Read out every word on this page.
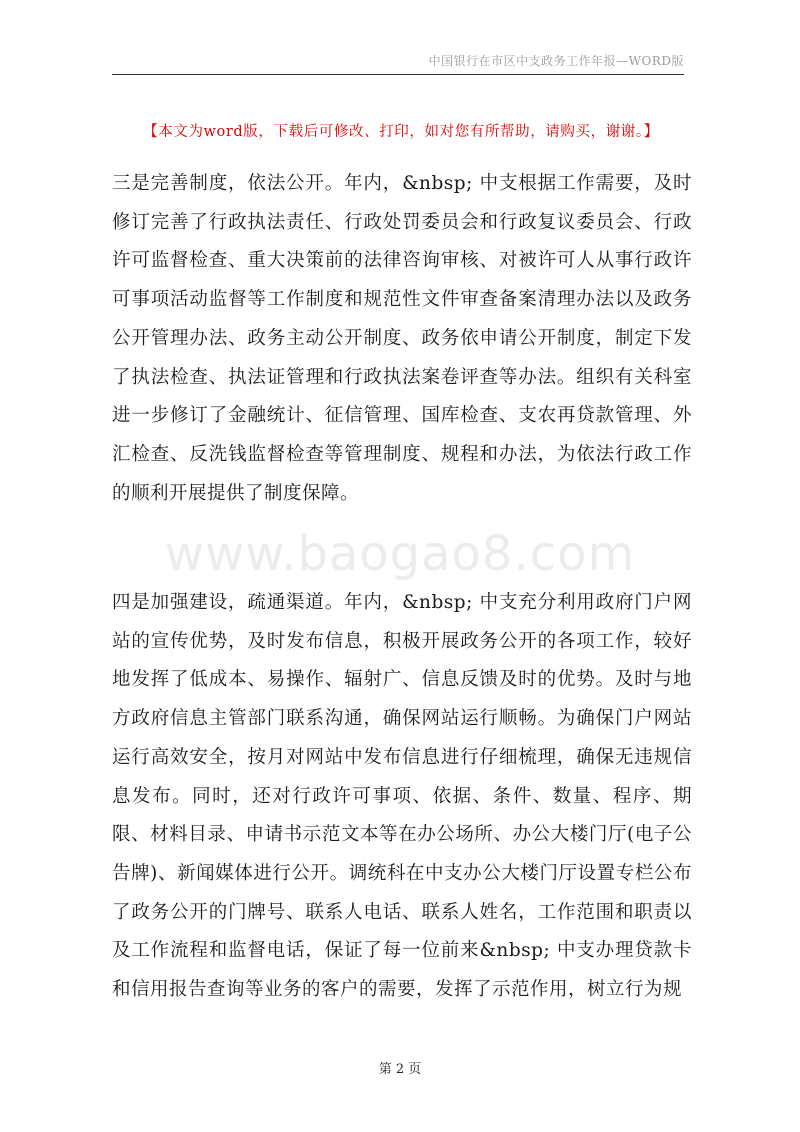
中国银行在市区中支政务工作年报—WORD版
【本文为word版，下载后可修改、打印，如对您有所帮助，请购买，谢谢。】

三是完善制度，依法公开。年内，&nbsp; 中支根据工作需要，及时修订完善了行政执法责任、行政处罚委员会和行政复议委员会、行政许可监督检查、重大决策前的法律咨询审核、对被许可人从事行政许可事项活动监督等工作制度和规范性文件审查备案清理办法以及政务公开管理办法、政务主动公开制度、政务依申请公开制度，制定下发了执法检查、执法证管理和行政执法案卷评查等办法。组织有关科室进一步修订了金融统计、征信管理、国库检查、支农再贷款管理、外汇检查、反洗钱监督检查等管理制度、规程和办法，为依法行政工作的顺利开展提供了制度保障。

www.baogao8.com

四是加强建设，疏通渠道。年内，&nbsp; 中支充分利用政府门户网站的宣传优势，及时发布信息，积极开展政务公开的各项工作，较好地发挥了低成本、易操作、辐射广、信息反馈及时的优势。及时与地方政府信息主管部门联系沟通，确保网站运行顺畅。为确保门户网站运行高效安全，按月对网站中发布信息进行仔细梳理，确保无违规信息发布。同时，还对行政许可事项、依据、条件、数量、程序、期限、材料目录、申请书示范文本等在办公场所、办公大楼门厅(电子公告牌)、新闻媒体进行公开。调统科在中支办公大楼门厅设置专栏公布了政务公开的门牌号、联系人电话、联系人姓名，工作范围和职责以及工作流程和监督电话，保证了每一位前来&nbsp; 中支办理贷款卡和信用报告查询等业务的客户的需要，发挥了示范作用，树立行为规

第 2 页
